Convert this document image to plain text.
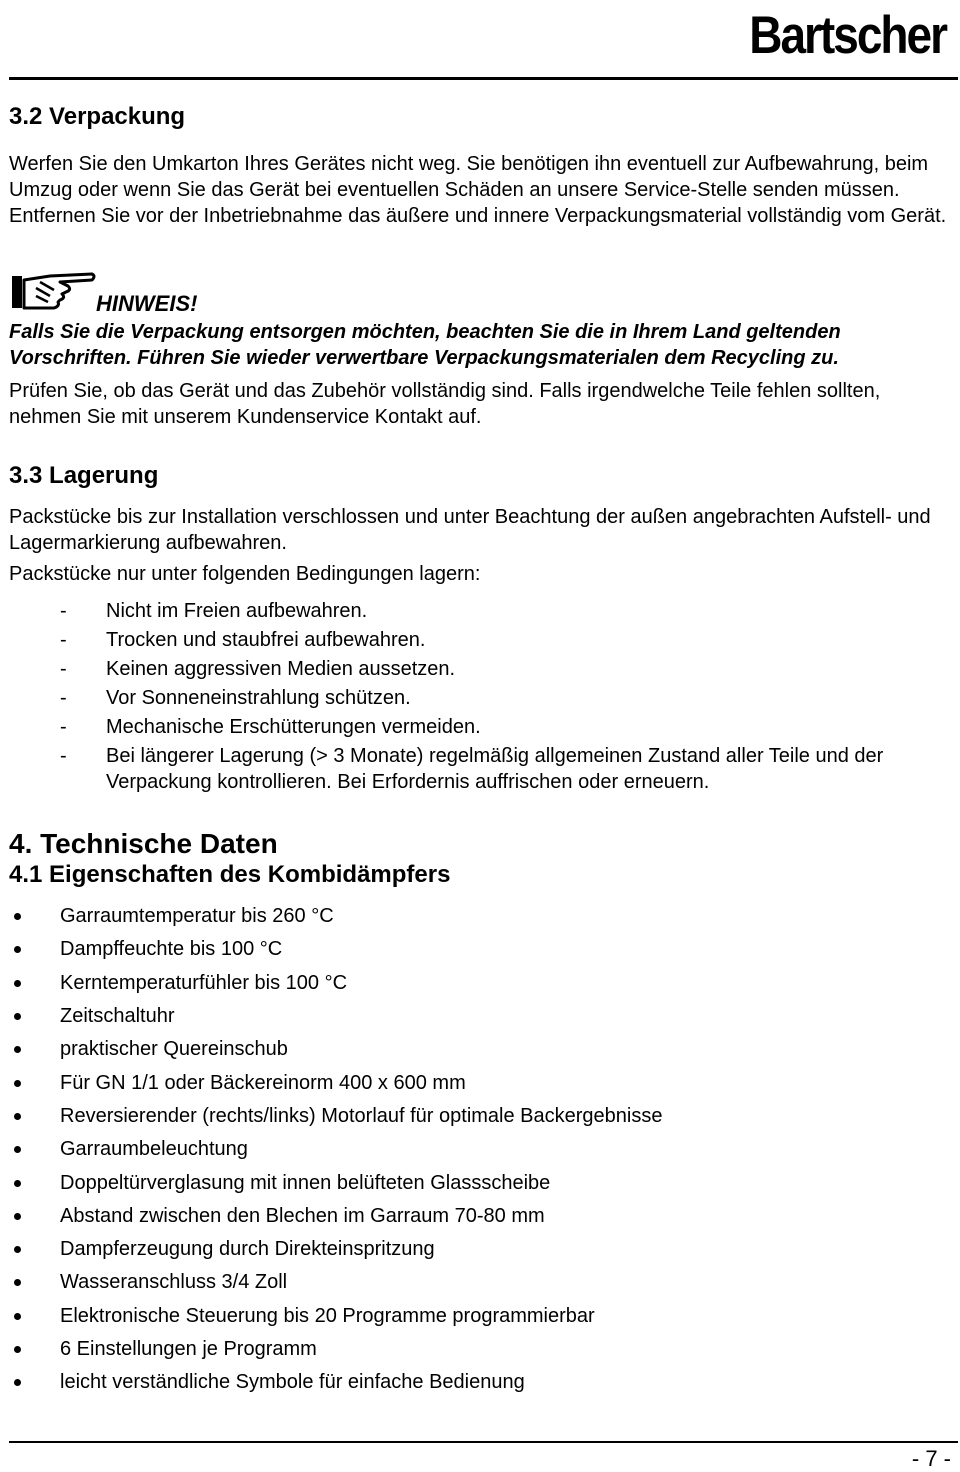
Bartscher
3.2 Verpackung

Werfen Sie den Umkarton Ihres Gerätes nicht weg. Sie benötigen ihn eventuell zur Aufbewahrung, beim Umzug oder wenn Sie das Gerät bei eventuellen Schäden an unsere Service-Stelle senden müssen. Entfernen Sie vor der Inbetriebnahme das äußere und innere Verpackungsmaterial vollständig vom Gerät.

HINWEIS!

Falls Sie die Verpackung entsorgen möchten, beachten Sie die in Ihrem Land geltenden Vorschriften. Führen Sie wieder verwertbare Verpackungsmaterialen dem Recycling zu.

Prüfen Sie, ob das Gerät und das Zubehör vollständig sind. Falls irgendwelche Teile fehlen sollten, nehmen Sie mit unserem Kundenservice Kontakt auf.

3.3 Lagerung

Packstücke bis zur Installation verschlossen und unter Beachtung der außen angebrachten Aufstell- und Lagermarkierung aufbewahren.

Packstücke nur unter folgenden Bedingungen lagern:

-	Nicht im Freien aufbewahren.
-	Trocken und staubfrei aufbewahren.
-	Keinen aggressiven Medien aussetzen.
-	Vor Sonneneinstrahlung schützen.
-	Mechanische Erschütterungen vermeiden.
-	Bei längerer Lagerung (> 3 Monate) regelmäßig allgemeinen Zustand aller Teile und der Verpackung kontrollieren. Bei Erfordernis auffrischen oder erneuern.
4. Technische Daten
4.1 Eigenschaften des Kombidämpfers
Garraumtemperatur bis 260 °C
Dampffeuchte bis 100 °C
Kerntemperaturfühler bis 100 °C
Zeitschaltuhr
praktischer Quereinschub
Für GN 1/1 oder Bäckereinorm 400 x 600 mm
Reversierender (rechts/links) Motorlauf für optimale Backergebnisse
Garraumbeleuchtung
Doppeltürverglasung mit innen belüfteten Glassscheibe
Abstand zwischen den Blechen im Garraum 70-80 mm
Dampferzeugung durch Direkteinspritzung
Wasseranschluss 3/4 Zoll
Elektronische Steuerung bis 20 Programme programmierbar
6 Einstellungen je Programm
leicht verständliche Symbole für einfache Bedienung
- 7 -
